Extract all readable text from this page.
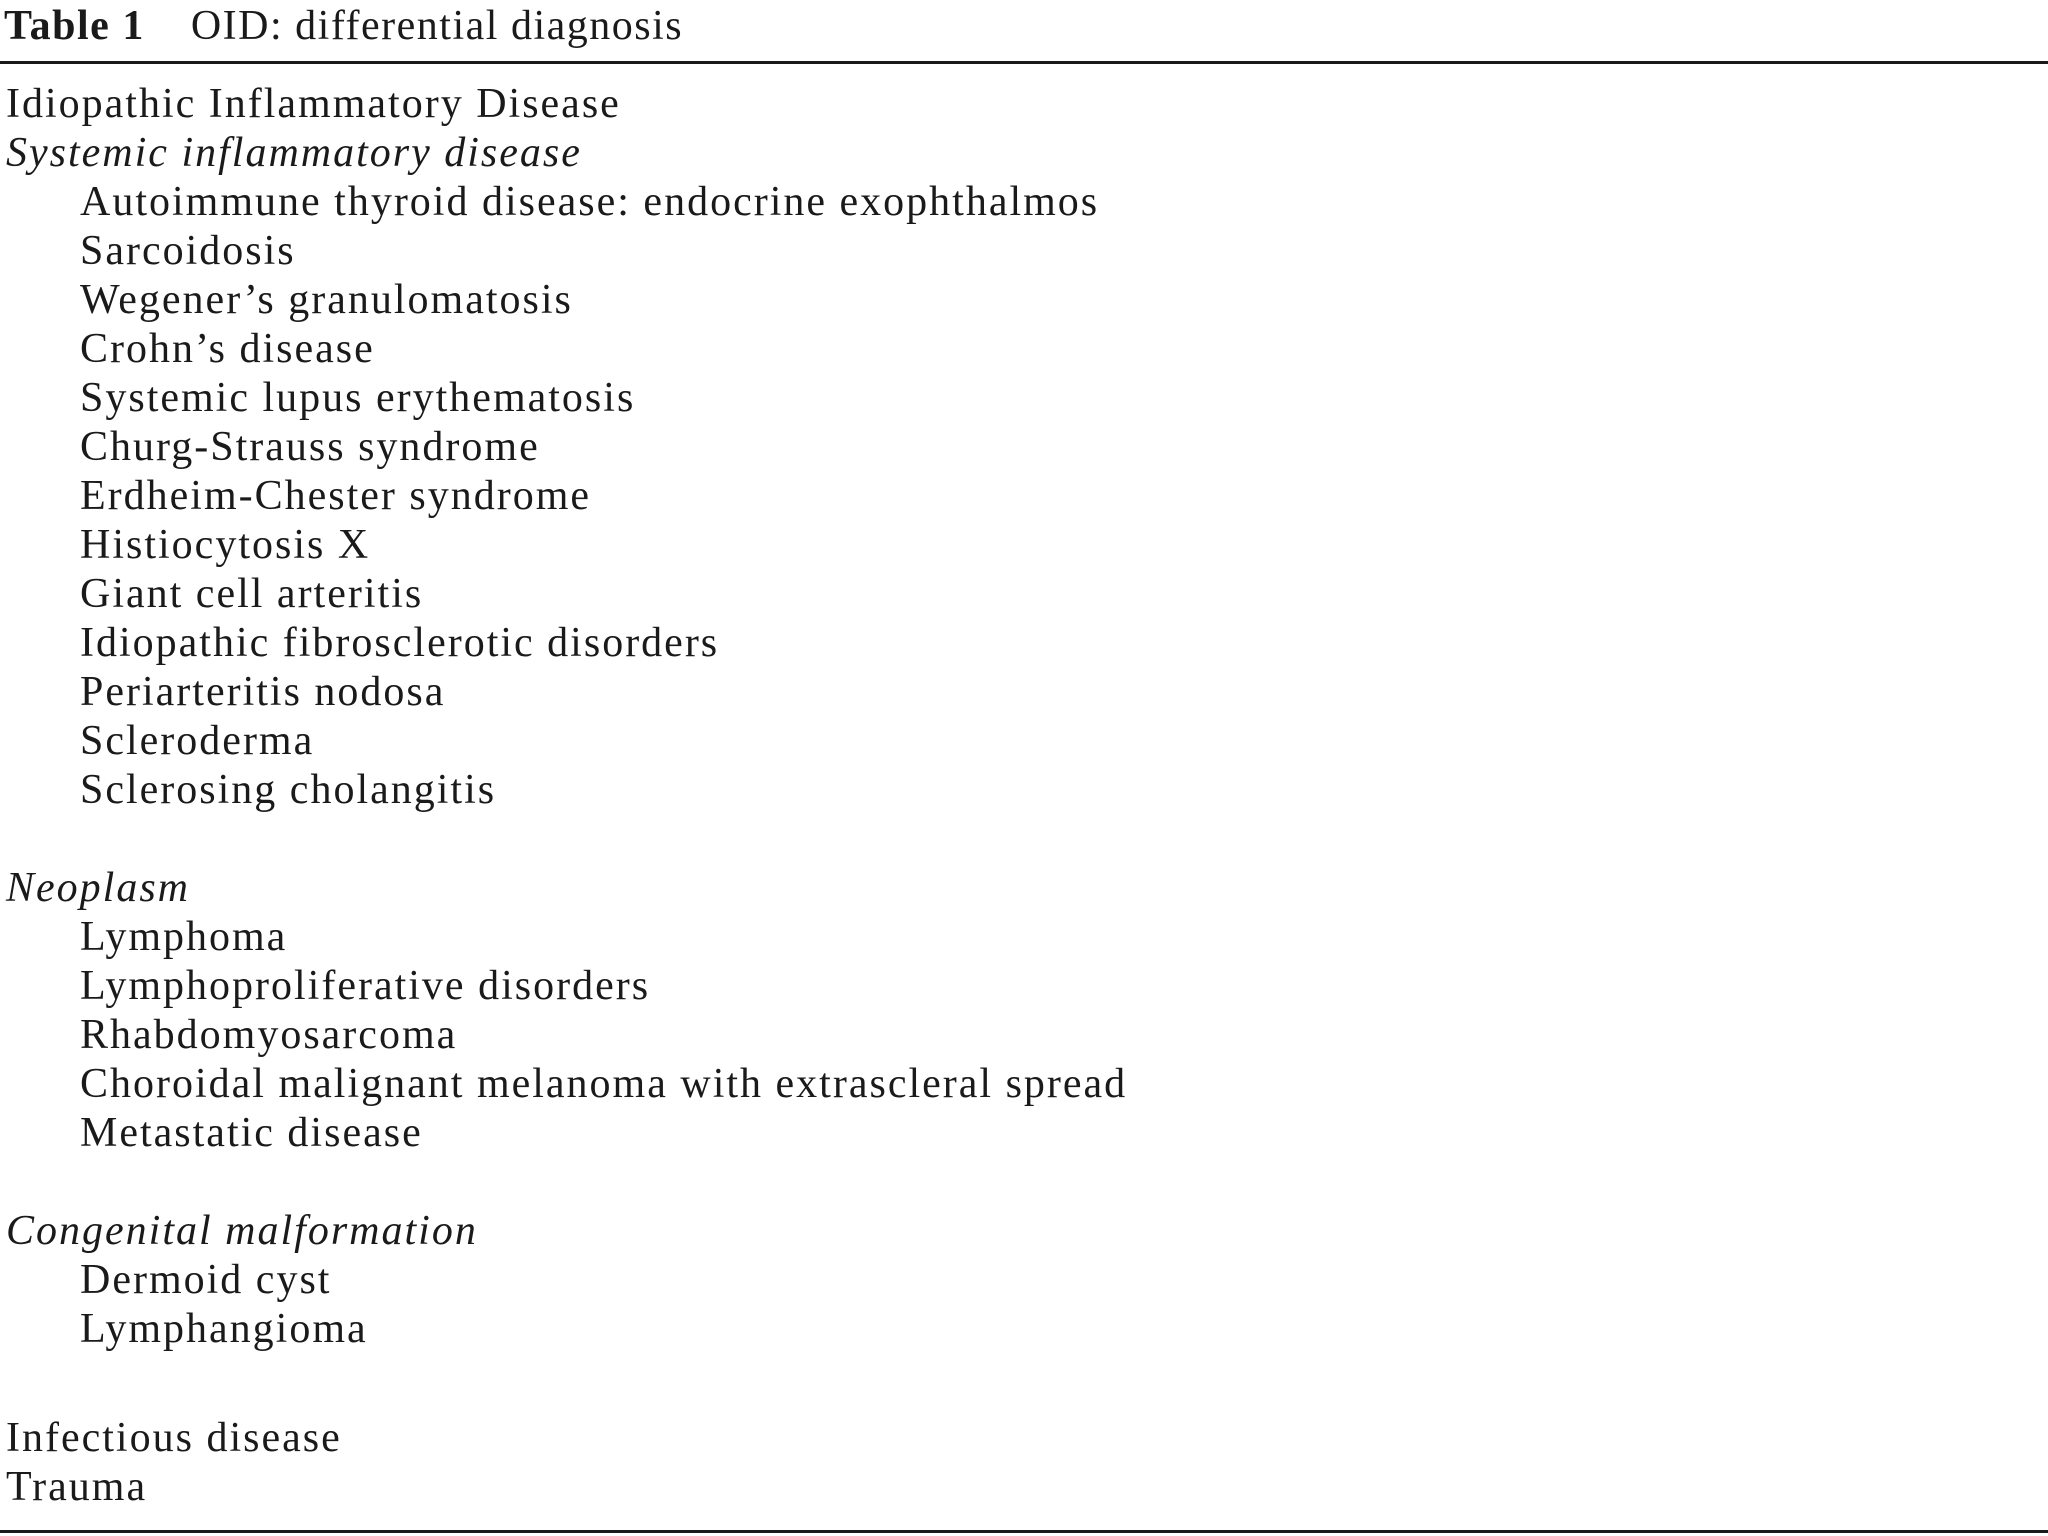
Table 1 OID: differential diagnosis
Idiopathic Inflammatory Disease
Systemic inflammatory disease
Autoimmune thyroid disease: endocrine exophthalmos
Sarcoidosis
Wegener’s granulomatosis
Crohn’s disease
Systemic lupus erythematosis
Churg-Strauss syndrome
Erdheim-Chester syndrome
Histiocytosis X
Giant cell arteritis
Idiopathic fibrosclerotic disorders
Periarteritis nodosa
Scleroderma
Sclerosing cholangitis
Neoplasm
Lymphoma
Lymphoproliferative disorders
Rhabdomyosarcoma
Choroidal malignant melanoma with extrascleral spread
Metastatic disease
Congenital malformation
Dermoid cyst
Lymphangioma
Infectious disease
Trauma
